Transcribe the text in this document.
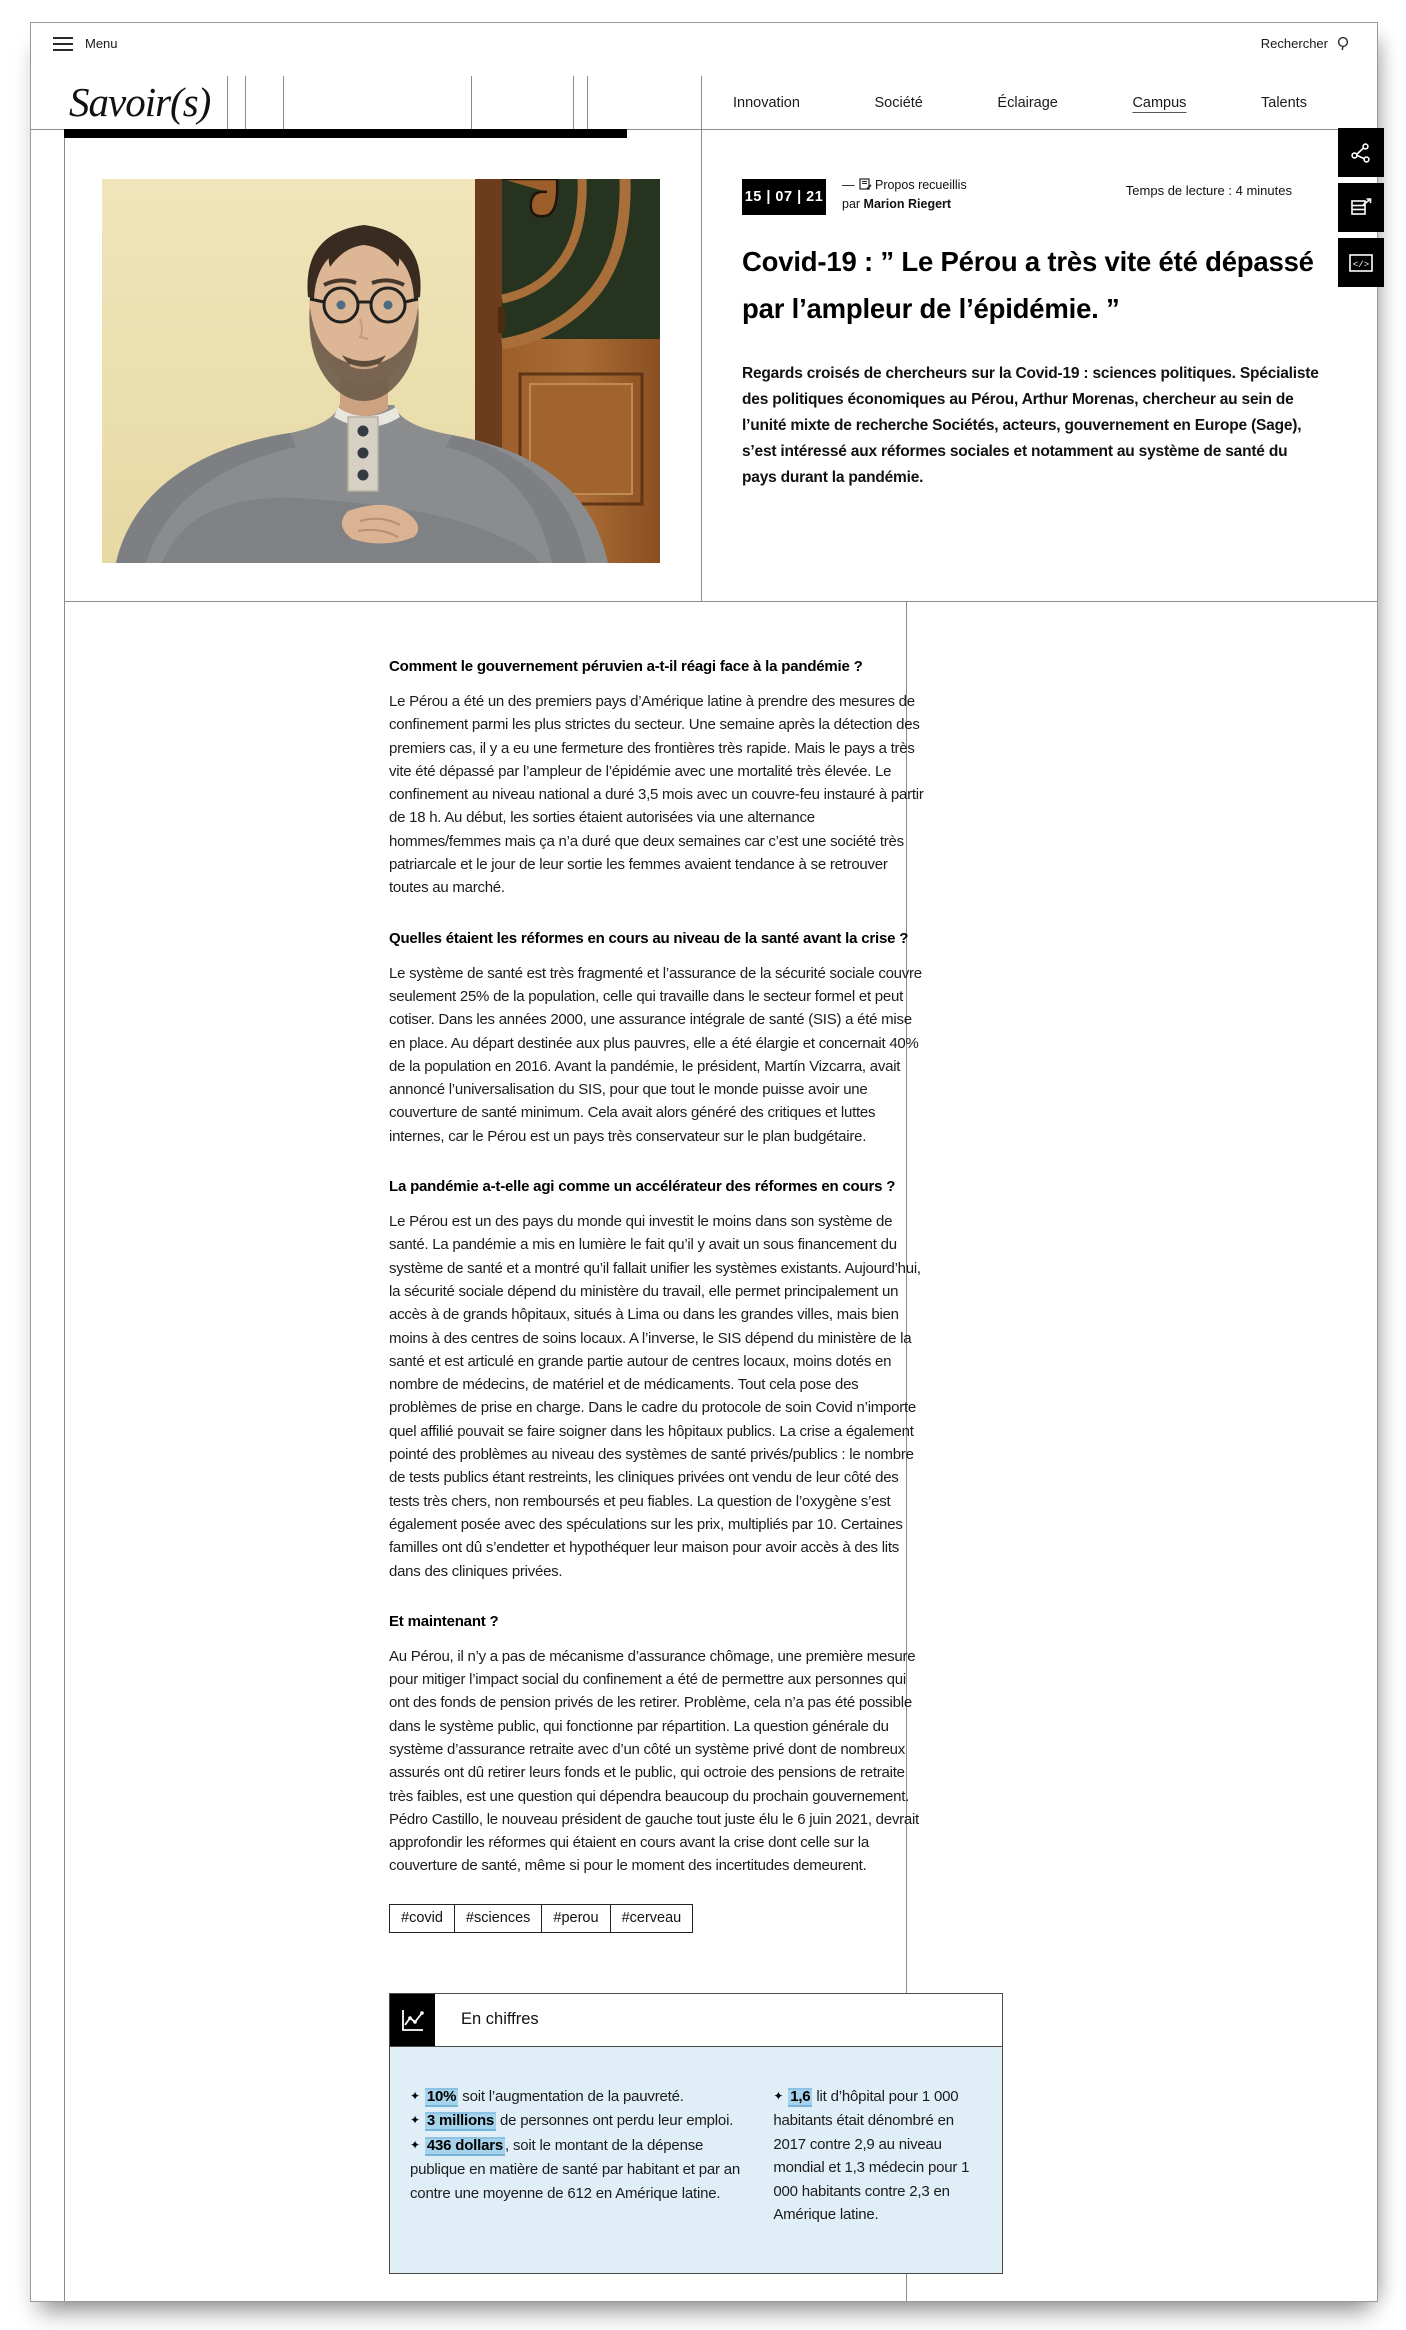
Menu	Rechercher
Savoir(s)	Innovation	Société	Éclairage	Campus	Talents
</>
15 | 07 | 21
— Propos recueillis
par Marion Riegert
Temps de lecture : 4 minutes
Covid-19 : ” Le Pérou a très vite été dépassé par l’ampleur de l’épidémie. ”

Regards croisés de chercheurs sur la Covid-19 : sciences politiques. Spécialiste des politiques économiques au Pérou, Arthur Morenas, chercheur au sein de l’unité mixte de recherche Sociétés, acteurs, gouvernement en Europe (Sage), s’est intéressé aux réformes sociales et notamment au système de santé du pays durant la pandémie.

Comment le gouvernement péruvien a-t-il réagi face à la pandémie ?

Le Pérou a été un des premiers pays d’Amérique latine à prendre des mesures de confinement parmi les plus strictes du secteur. Une semaine après la détection des premiers cas, il y a eu une fermeture des frontières très rapide. Mais le pays a très vite été dépassé par l’ampleur de l’épidémie avec une mortalité très élevée. Le confinement au niveau national a duré 3,5 mois avec un couvre-feu instauré à partir de 18 h. Au début, les sorties étaient autorisées via une alternance hommes/femmes mais ça n’a duré que deux semaines car c’est une société très patriarcale et le jour de leur sortie les femmes avaient tendance à se retrouver toutes au marché.

Quelles étaient les réformes en cours au niveau de la santé avant la crise ?

Le système de santé est très fragmenté et l’assurance de la sécurité sociale couvre seulement 25% de la population, celle qui travaille dans le secteur formel et peut cotiser. Dans les années 2000, une assurance intégrale de santé (SIS) a été mise en place. Au départ destinée aux plus pauvres, elle a été élargie et concernait 40% de la population en 2016. Avant la pandémie, le président, Martín Vizcarra, avait annoncé l’universalisation du SIS, pour que tout le monde puisse avoir une couverture de santé minimum. Cela avait alors généré des critiques et luttes internes, car le Pérou est un pays très conservateur sur le plan budgétaire.

La pandémie a-t-elle agi comme un accélérateur des réformes en cours ?

Le Pérou est un des pays du monde qui investit le moins dans son système de santé. La pandémie a mis en lumière le fait qu’il y avait un sous financement du système de santé et a montré qu’il fallait unifier les systèmes existants. Aujourd’hui, la sécurité sociale dépend du ministère du travail, elle permet principalement un accès à de grands hôpitaux, situés à Lima ou dans les grandes villes, mais bien moins à des centres de soins locaux. A l’inverse, le SIS dépend du ministère de la santé et est articulé en grande partie autour de centres locaux, moins dotés en nombre de médecins, de matériel et de médicaments. Tout cela pose des problèmes de prise en charge. Dans le cadre du protocole de soin Covid n’importe quel affilié pouvait se faire soigner dans les hôpitaux publics. La crise a également pointé des problèmes au niveau des systèmes de santé privés/publics : le nombre de tests publics étant restreints, les cliniques privées ont vendu de leur côté des tests très chers, non remboursés et peu fiables. La question de l’oxygène s’est également posée avec des spéculations sur les prix, multipliés par 10. Certaines familles ont dû s’endetter et hypothéquer leur maison pour avoir accès à des lits dans des cliniques privées.

Et maintenant ?

Au Pérou, il n’y a pas de mécanisme d’assurance chômage, une première mesure pour mitiger l’impact social du confinement a été de permettre aux personnes qui ont des fonds de pension privés de les retirer. Problème, cela n’a pas été possible dans le système public, qui fonctionne par répartition. La question générale du système d’assurance retraite avec d’un côté un système privé dont de nombreux assurés ont dû retirer leurs fonds et le public, qui octroie des pensions de retraite très faibles, est une question qui dépendra beaucoup du prochain gouvernement. Pédro Castillo, le nouveau président de gauche tout juste élu le 6 juin 2021, devrait approfondir les réformes qui étaient en cours avant la crise dont celle sur la couverture de santé, même si pour le moment des incertitudes demeurent.

#covid	#sciences	#perou	#cerveau
En chiffres

✦ 10% soit l’augmentation de la pauvreté.

✦ 3 millions de personnes ont perdu leur emploi.

✦ 436 dollars , soit le montant de la dépense publique en matière de santé par habitant et par an contre une moyenne de 612 en Amérique latine.

✦ 1,6 lit d’hôpital pour 1 000 habitants était dénombré en 2017 contre 2,9 au niveau mondial et 1,3 médecin pour 1 000 habitants contre 2,3 en Amérique latine.
